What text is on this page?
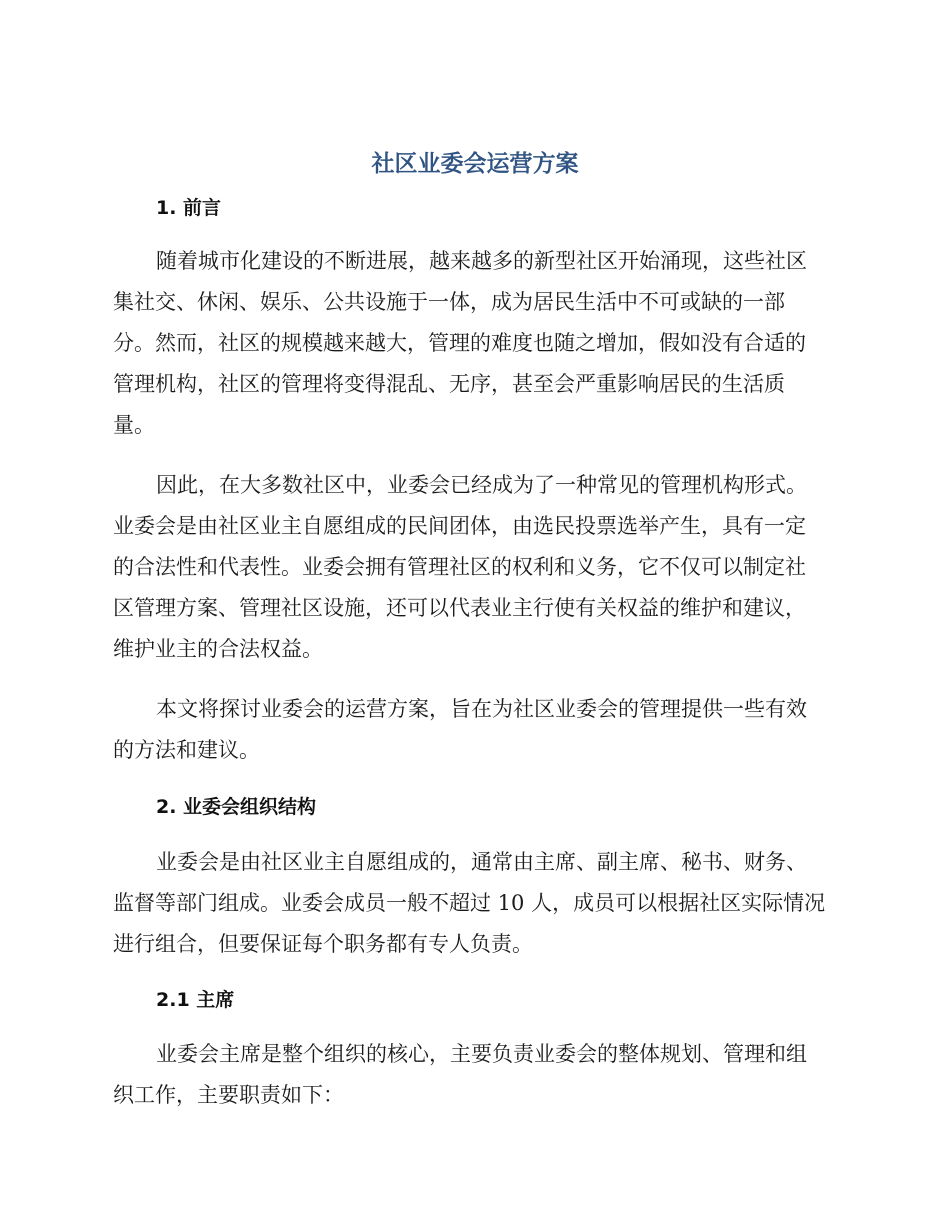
社区业委会运营方案
1. 前言
随着城市化建设的不断进展，越来越多的新型社区开始涌现，这些社区
集社交、休闲、娱乐、公共设施于一体，成为居民生活中不可或缺的一部
分。然而，社区的规模越来越大，管理的难度也随之增加，假如没有合适的
管理机构，社区的管理将变得混乱、无序，甚至会严重影响居民的生活质
量。
因此，在大多数社区中，业委会已经成为了一种常见的管理机构形式。
业委会是由社区业主自愿组成的民间团体，由选民投票选举产生，具有一定
的合法性和代表性。业委会拥有管理社区的权利和义务，它不仅可以制定社
区管理方案、管理社区设施，还可以代表业主行使有关权益的维护和建议，
维护业主的合法权益。
本文将探讨业委会的运营方案，旨在为社区业委会的管理提供一些有效
的方法和建议。
2. 业委会组织结构
业委会是由社区业主自愿组成的，通常由主席、副主席、秘书、财务、
监督等部门组成。业委会成员一般不超过 10 人，成员可以根据社区实际情况
进行组合，但要保证每个职务都有专人负责。
2.1 主席
业委会主席是整个组织的核心，主要负责业委会的整体规划、管理和组
织工作，主要职责如下：
